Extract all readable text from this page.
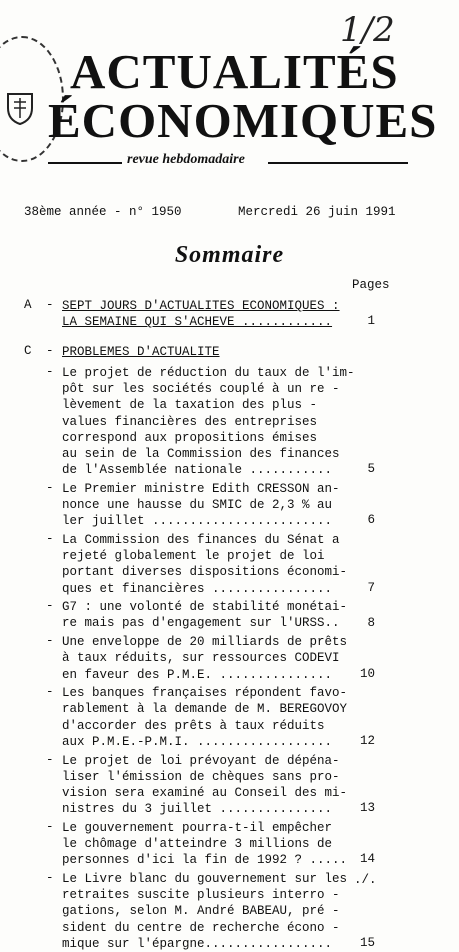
1/2
ACTUALITÉS
ÉCONOMIQUES
revue hebdomadaire
38ème année - n° 1950	Mercredi 26 juin 1991
Sommaire
Pages
A - SEPT JOURS D'ACTUALITES ECONOMIQUES :
LA SEMAINE QUI S'ACHEVE ............	1
C - PROBLEMES D'ACTUALITE
- Le projet de réduction du taux de l'im-
pôt sur les sociétés couplé à un re -
lèvement de la taxation des plus -
values financières des entreprises
correspond aux propositions émises
au sein de la Commission des finances
de l'Assemblée nationale ...........	5
- Le Premier ministre Edith CRESSON an-
nonce une hausse du SMIC de 2,3 % au
ler juillet ........................	6
- La Commission des finances du Sénat a
rejeté globalement le projet de loi
portant diverses dispositions économi-
ques et financières ................	7
- G7 : une volonté de stabilité monétai-
re mais pas d'engagement sur l'URSS..	8
- Une enveloppe de 20 milliards de prêts
à taux réduits, sur ressources CODEVI
en faveur des P.M.E. ...............	10
- Les banques françaises répondent favo-
rablement à la demande de M. BEREGOVOY
d'accorder des prêts à taux réduits
aux P.M.E.-P.M.I. ..................	12
- Le projet de loi prévoyant de dépéna-
liser l'émission de chèques sans pro-
vision sera examiné au Conseil des mi-
nistres du 3 juillet ...............	13
- Le gouvernement pourra-t-il empêcher
le chômage d'atteindre 3 millions de
personnes d'ici la fin de 1992 ? .....	14
- Le Livre blanc du gouvernement sur les
retraites suscite plusieurs interro -
gations, selon M. André BABEAU, pré -
sident du centre de recherche écono -
mique sur l'épargne.................	15
./.
